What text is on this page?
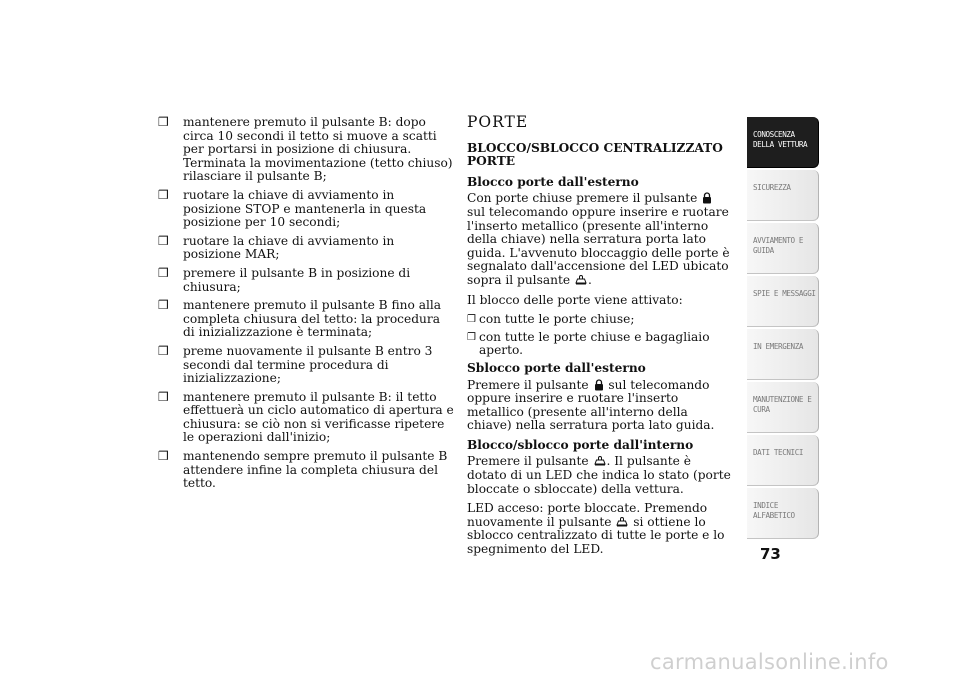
❒ mantenere premuto il pulsante B: dopo circa 10 secondi il tetto si muove a scatti per portarsi in posizione di chiusura. Terminata la movimentazione (tetto chiuso) rilasciare il pulsante B;
❒ ruotare la chiave di avviamento in posizione STOP e mantenerla in questa posizione per 10 secondi;
❒ ruotare la chiave di avviamento in posizione MAR;
❒ premere il pulsante B in posizione di chiusura;
❒ mantenere premuto il pulsante B fino alla completa chiusura del tetto: la procedura di inizializzazione è terminata;
❒ preme nuovamente il pulsante B entro 3 secondi dal termine procedura di inizializzazione;
❒ mantenere premuto il pulsante B: il tetto effettuerà un ciclo automatico di apertura e chiusura: se ciò non si verificasse ripetere le operazioni dall'inizio;
❒ mantenendo sempre premuto il pulsante B attendere infine la completa chiusura del tetto.
PORTE
BLOCCO/SBLOCCO CENTRALIZZATO PORTE
Blocco porte dall'esterno

Con porte chiuse premere il pulsante  sul telecomando oppure inserire e ruotare l'inserto metallico (presente all'interno della chiave) nella serratura porta lato guida. L'avvenuto bloccaggio delle porte è segnalato dall'accensione del LED ubicato sopra il pulsante .

Il blocco delle porte viene attivato:

❒ con tutte le porte chiuse;
❒ con tutte le porte chiuse e bagagliaio aperto.
Sblocco porte dall'esterno

Premere il pulsante sul telecomando oppure inserire e ruotare l'inserto metallico (presente all'interno della chiave) nella serratura porta lato guida.

Blocco/sblocco porte dall'interno

Premere il pulsante . Il pulsante è dotato di un LED che indica lo stato (porte bloccate o sbloccate) della vettura.

LED acceso: porte bloccate. Premendo nuovamente il pulsante si ottiene lo sblocco centralizzato di tutte le porte e lo spegnimento del LED.

CONOSCENZA DELLA VETTURA
SICUREZZA
AVVIAMENTO E GUIDA
SPIE E MESSAGGI
IN EMERGENZA
MANUTENZIONE E CURA
DATI TECNICI
INDICE ALFABETICO
73
carmanualsonline.info
